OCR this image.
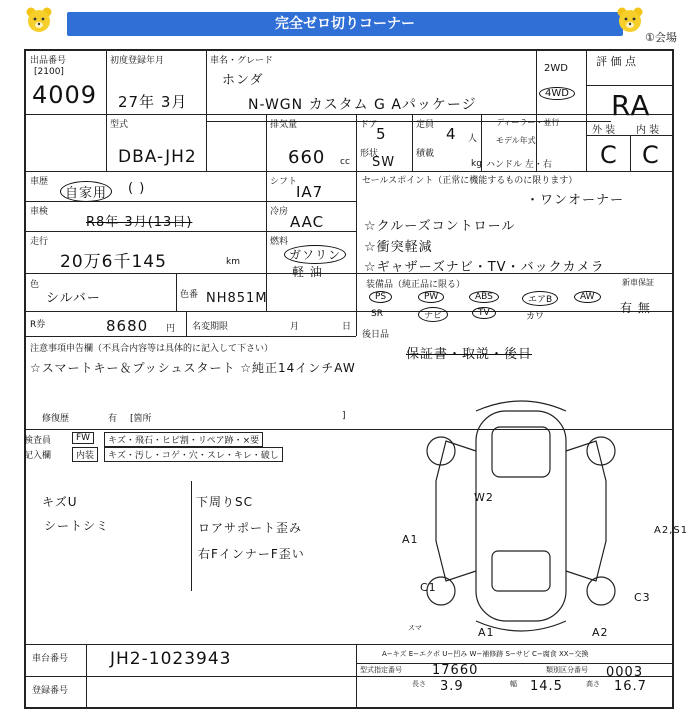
完全ゼロ切りコーナー
①会場
出品番号
[2100]
4009
初度登録年月
27年 3月
車名・グレード
ホンダ
N-WGN カスタム G Aパッケージ
2WD
4WD
評 価 点
RA
外 装 内 装
C C
型式
DBA-JH2
排気量
660 cc
ドア
5	定員 4 人
ディーラー・並行
モデル年式
形状
SW
積載
kg ハンドル 左・右
車歴
自家用	( )	シフト
IA7
セールスポイント（正常に機能するものに限ります）
・ワンオーナー
☆クルーズコントロール
☆衝突軽減
☆ギャザーズナビ・TV・バックカメラ
車検
R8年 3月(13日)
冷房
AAC
走行
20万6千145	km
燃料
ガソリン
軽 油
色
シルバー	色番 NH851M
装備品（純正品に限る）	新車保証
PS	PW	ABS	エアB	AW
SR	ナビ	TV	カワ
有 無
R券	8680 円 名変期限	月	日
後日品
保証書・取説・後日
注意事項申告欄（不具合内容等は具体的に記入して下さい）
☆スマートキー＆プッシュスタート ☆純正14インチAW
修復歴	有 [箇所	]
検査員	FW	キズ・飛石・ヒビ割・リペア跡・×要
記入欄	内装	キズ・汚し・コゲ・穴・スレ・キレ・破し
キズU
シートシミ
下周りSC
ロアサポート歪み
右FインナーF歪い
W2
A1
C1
A1	A2
A2,S1
C3
スマ
A−キズ E−エクボ U−凹み W−補修跡 S−サビ C−腐食 XX−交換
車台番号 JH2-1023943
登録番号
型式指定番号 17660	類別区分番号 0003
長さ 3.9	幅 14.5	高さ 16.7
